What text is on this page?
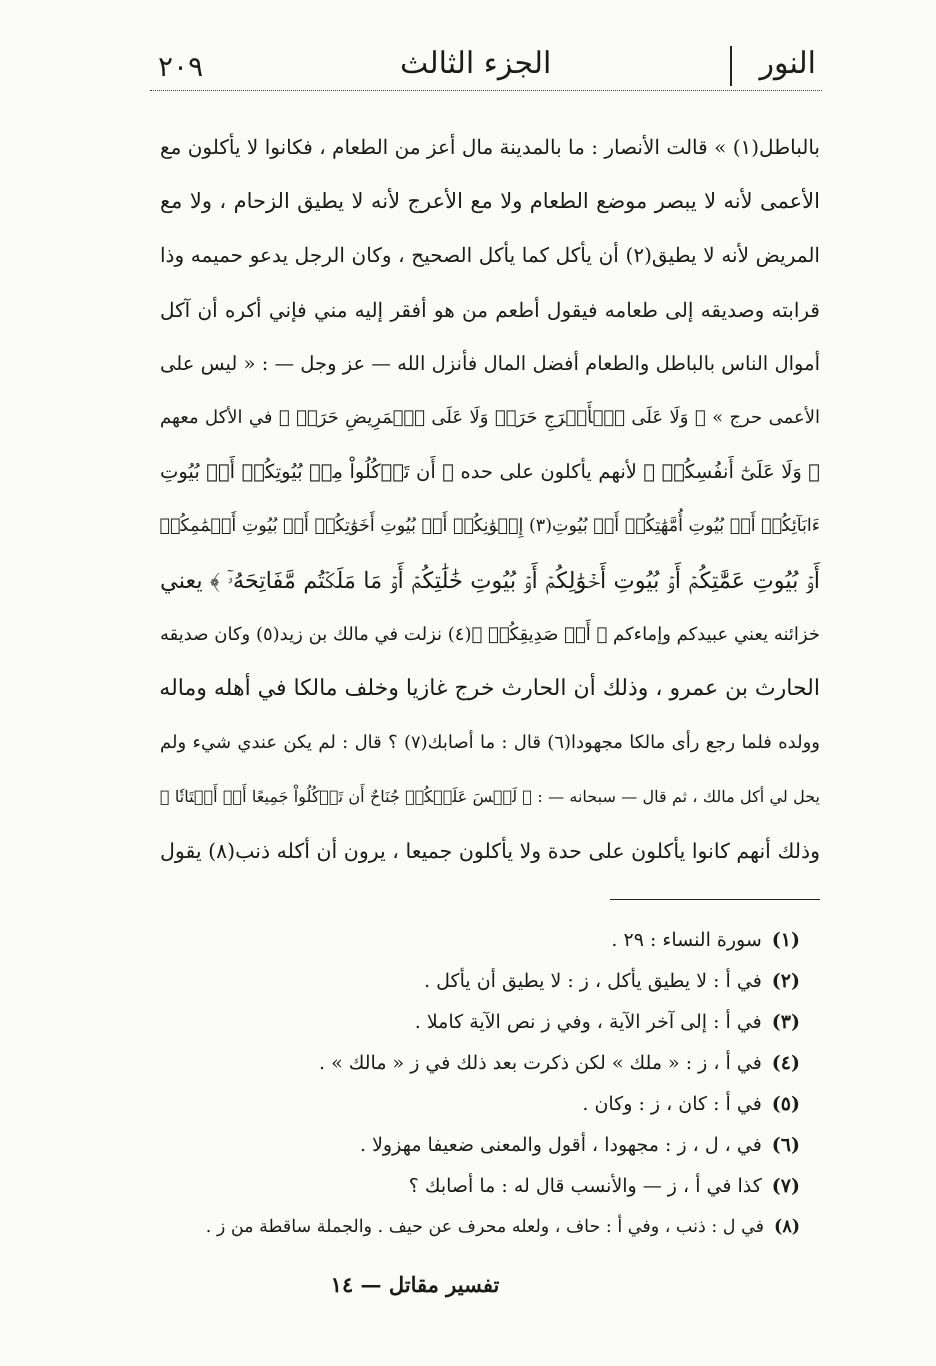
النور
الجزء الثالث
٢٠٩
بالباطل(١) » قالت الأنصار : ما بالمدينة مال أعز من الطعام ، فكانوا لا يأكلون مع
الأعمى لأنه لا يبصر موضع الطعام ولا مع الأعرج لأنه لا يطيق الزحام ، ولا مع
المريض لأنه لا يطيق(٢) أن يأكل كما يأكل الصحيح ، وكان الرجل يدعو حميمه وذا
قرابته وصديقه إلى طعامه فيقول أطعم من هو أفقر إليه مني فإني أكره أن آكل
أموال الناس بالباطل والطعام أفضل المال فأنزل الله — عز وجل — : « ليس على
الأعمى حرج » ﴿ وَلَا عَلَى ٱلۡأَعۡرَجِ حَرَجٞ وَلَا عَلَى ٱلۡمَرِيضِ حَرَجٞ ﴾ في الأكل معهم
﴿ وَلَا عَلَىٰٓ أَنفُسِكُمۡ ﴾ لأنهم يأكلون على حده ﴿ أَن تَأۡكُلُواْ مِنۢ بُيُوتِكُمۡ أَوۡ بُيُوتِ
ءَابَآئِكُمۡ أَوۡ بُيُوتِ أُمَّهَٰتِكُمۡ أَوۡ بُيُوتِ(٣) إِخۡوَٰنِكُمۡ أَوۡ بُيُوتِ أَخَوَٰتِكُمۡ أَوۡ بُيُوتِ أَعۡمَٰمِكُمۡ
أَوۡ بُيُوتِ عَمَّٰتِكُمۡ أَوۡ بُيُوتِ أَخۡوَٰلِكُمۡ أَوۡ بُيُوتِ خَٰلَٰتِكُمۡ أَوۡ مَا مَلَكۡتُم مَّفَاتِحَهُۥٓ ﴾ يعني
خزائنه يعني عبيدكم وإماءكم ﴿ أَوۡ صَدِيقِكُمۡ ﴾(٤) نزلت في مالك بن زيد(٥) وكان صديقه
الحارث بن عمرو ، وذلك أن الحارث خرج غازيا وخلف مالكا في أهله وماله
وولده فلما رجع رأى مالكا مجهودا(٦) قال : ما أصابك(٧) ؟ قال : لم يكن عندي شيء ولم
يحل لي أكل مالك ، ثم قال — سبحانه — : ﴿ لَيۡسَ عَلَيۡكُمۡ جُنَاحٌ أَن تَأۡكُلُواْ جَمِيعًا أَوۡ أَشۡتَاتٗا ﴾
وذلك أنهم كانوا يأكلون على حدة ولا يأكلون جميعا ، يرون أن أكله ذنب(٨) يقول
(١)سورة النساء : ٢٩ .
(٢)في أ : لا يطيق يأكل ، ز : لا يطيق أن يأكل .
(٣)في أ : إلى آخر الآية ، وفي ز نص الآية كاملا .
(٤)في أ ، ز : « ملك » لكن ذكرت بعد ذلك في ز « مالك » .
(٥)في أ : كان ، ز : وكان .
(٦)في ، ل ، ز : مجهودا ، أقول والمعنى ضعيفا مهزولا .
(٧)كذا في أ ، ز — والأنسب قال له : ما أصابك ؟
(٨)في ل : ذنب ، وفي أ : حاف ، ولعله محرف عن حيف . والجملة ساقطة من ز .
تفسير مقاتل — ١٤
